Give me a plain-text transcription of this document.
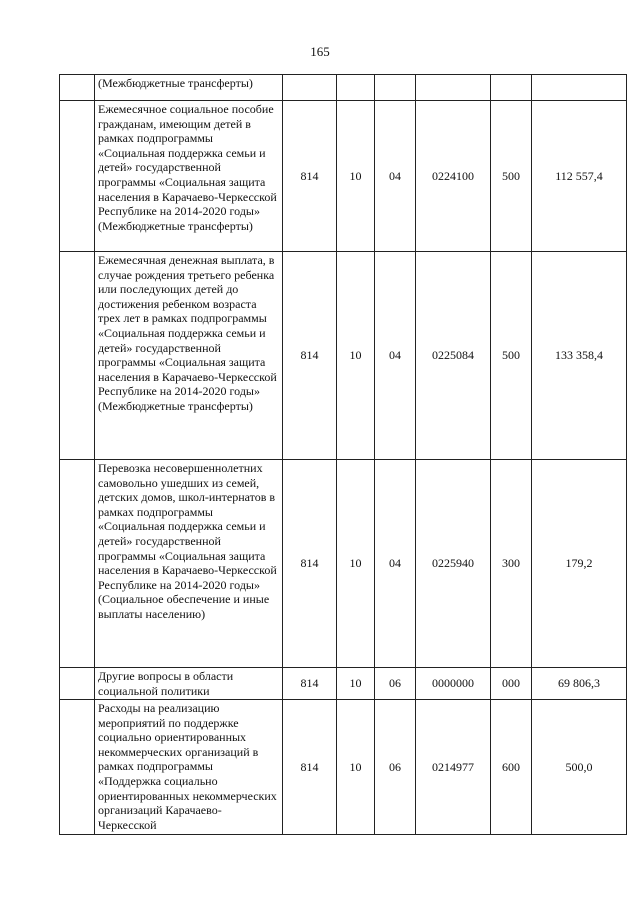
165
	(Межбюджетные трансферты)						
	Ежемесячное социальное пособие гражданам, имеющим детей в рамках подпрограммы «Социальная поддержка семьи и детей» государственной программы «Социальная защита населения в Карачаево-Черкесской Республике на 2014-2020 годы» (Межбюджетные трансферты)	814	10	04	0224100	500	112 557,4
	Ежемесячная денежная выплата, в случае рождения третьего ребенка или последующих детей до достижения ребенком возраста трех лет в рамках подпрограммы «Социальная поддержка семьи и детей» государственной программы «Социальная защита населения в Карачаево-Черкесской Республике на 2014-2020 годы» (Межбюджетные трансферты)	814	10	04	0225084	500	133 358,4
	Перевозка несовершеннолетних самовольно ушедших из семей, детских домов, школ-интернатов в рамках подпрограммы «Социальная поддержка семьи и детей» государственной программы «Социальная защита населения в Карачаево-Черкесской Республике на 2014-2020 годы» (Социальное обеспечение и иные выплаты населению)	814	10	04	0225940	300	179,2
	Другие вопросы в области социальной политики	814	10	06	0000000	000	69 806,3
	Расходы на реализацию мероприятий по поддержке социально ориентированных некоммерческих организаций в рамках подпрограммы «Поддержка социально ориентированных некоммерческих организаций Карачаево-Черкесской	814	10	06	0214977	600	500,0
